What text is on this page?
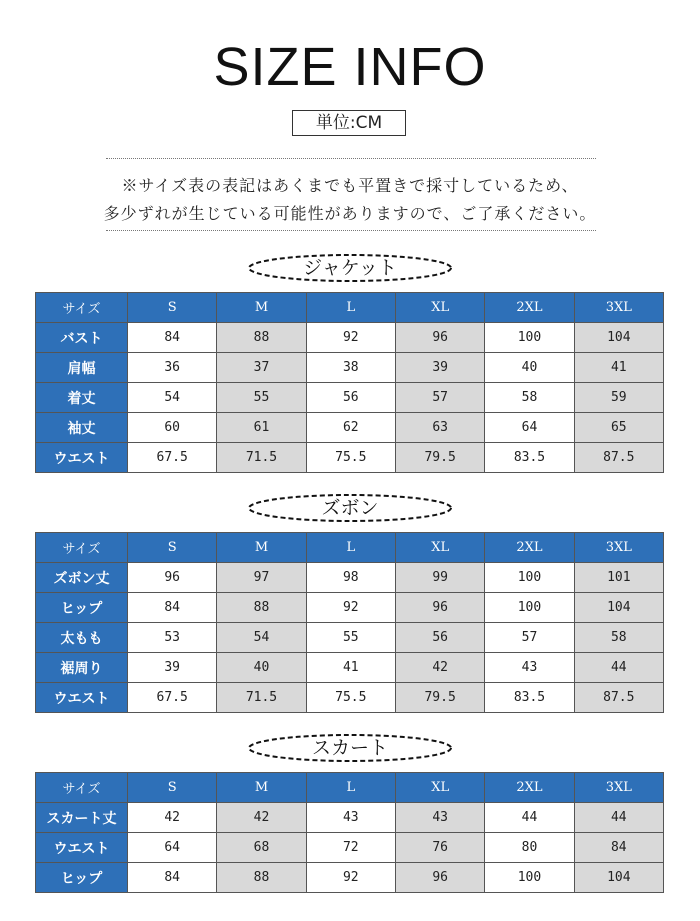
SIZE INFO
単位:CM
※サイズ表の表記はあくまでも平置きで採寸しているため、
多少ずれが生じている可能性がありますので、ご了承ください。
ジャケット
サイズ	S	M	L	XL	2XL	3XL
バスト	84	88	92	96	100	104
肩幅	36	37	38	39	40	41
着丈	54	55	56	57	58	59
袖丈	60	61	62	63	64	65
ウエスト	67.5	71.5	75.5	79.5	83.5	87.5
ズボン
サイズ	S	M	L	XL	2XL	3XL
ズボン丈	96	97	98	99	100	101
ヒップ	84	88	92	96	100	104
太もも	53	54	55	56	57	58
裾周り	39	40	41	42	43	44
ウエスト	67.5	71.5	75.5	79.5	83.5	87.5
スカート
サイズ	S	M	L	XL	2XL	3XL
スカート丈	42	42	43	43	44	44
ウエスト	64	68	72	76	80	84
ヒップ	84	88	92	96	100	104
